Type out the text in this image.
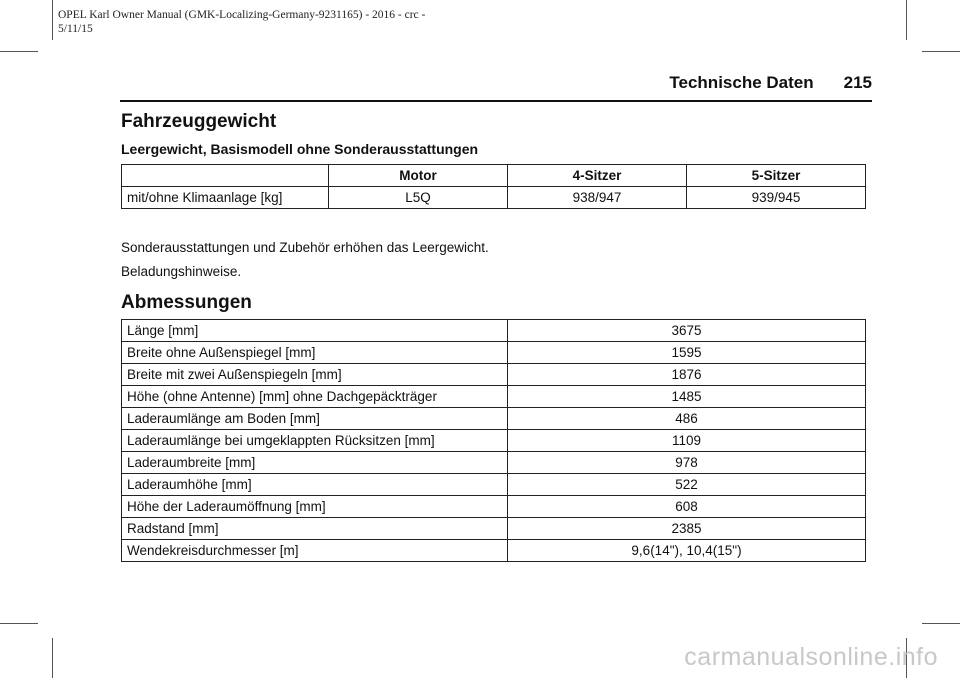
OPEL Karl Owner Manual (GMK-Localizing-Germany-9231165) - 2016 - crc -
5/11/15
Technische Daten 215
Fahrzeuggewicht
Leergewicht, Basismodell ohne Sonderausstattungen
	Motor	4-Sitzer	5-Sitzer
mit/ohne Klimaanlage [kg]	L5Q	938/947	939/945
Sonderausstattungen und Zubehör erhöhen das Leergewicht.
Beladungshinweise.
Abmessungen
Länge [mm]	3675
Breite ohne Außenspiegel [mm]	1595
Breite mit zwei Außenspiegeln [mm]	1876
Höhe (ohne Antenne) [mm] ohne Dachgepäckträger	1485
Laderaumlänge am Boden [mm]	486
Laderaumlänge bei umgeklappten Rücksitzen [mm]	1109
Laderaumbreite [mm]	978
Laderaumhöhe [mm]	522
Höhe der Laderaumöffnung [mm]	608
Radstand [mm]	2385
Wendekreisdurchmesser [m]	9,6(14"), 10,4(15")
carmanualsonline.info
